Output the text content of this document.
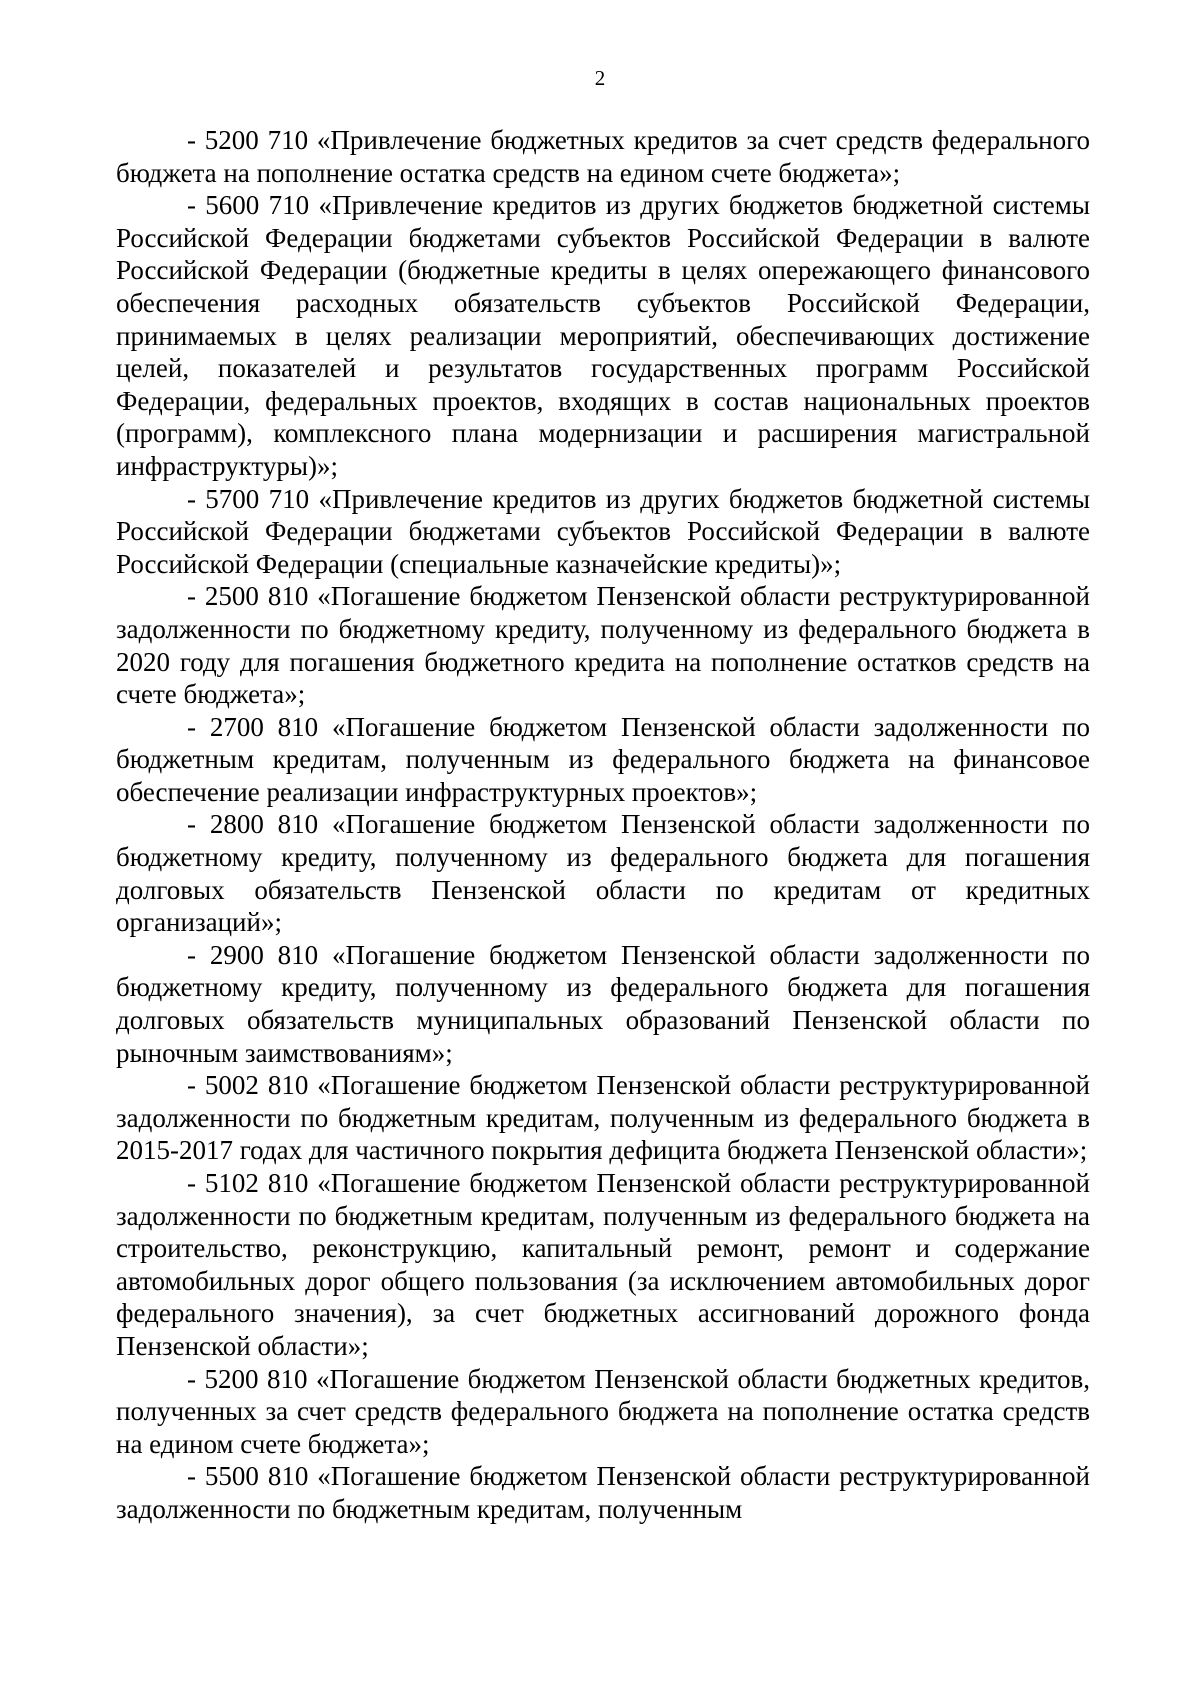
2

- 5200 710 «Привлечение бюджетных кредитов за счет средств федерального бюджета на пополнение остатка средств на едином счете бюджета»;

- 5600 710 «Привлечение кредитов из других бюджетов бюджетной системы Российской Федерации бюджетами субъектов Российской Федерации в валюте Российской Федерации (бюджетные кредиты в целях опережающего финансового обеспечения расходных обязательств субъектов Российской Федерации, принимаемых в целях реализации мероприятий, обеспечивающих достижение целей, показателей и результатов государственных программ Российской Федерации, федеральных проектов, входящих в состав национальных проектов (программ), комплексного плана модернизации и расширения магистральной инфраструктуры)»;

- 5700 710 «Привлечение кредитов из других бюджетов бюджетной системы Российской Федерации бюджетами субъектов Российской Федерации в валюте Российской Федерации (специальные казначейские кредиты)»;

- 2500 810 «Погашение бюджетом Пензенской области реструктурированной задолженности по бюджетному кредиту, полученному из федерального бюджета в 2020 году для погашения бюджетного кредита на пополнение остатков средств на счете бюджета»;

- 2700 810 «Погашение бюджетом Пензенской области задолженности по бюджетным кредитам, полученным из федерального бюджета на финансовое обеспечение реализации инфраструктурных проектов»;

- 2800 810 «Погашение бюджетом Пензенской области задолженности по бюджетному кредиту, полученному из федерального бюджета для погашения долговых обязательств Пензенской области по кредитам от кредитных организаций»;

- 2900 810 «Погашение бюджетом Пензенской области задолженности по бюджетному кредиту, полученному из федерального бюджета для погашения долговых обязательств муниципальных образований Пензенской области по рыночным заимствованиям»;

- 5002 810 «Погашение бюджетом Пензенской области реструктурированной задолженности по бюджетным кредитам, полученным из федерального бюджета в 2015-2017 годах для частичного покрытия дефицита бюджета Пензенской области»;

- 5102 810 «Погашение бюджетом Пензенской области реструктурированной задолженности по бюджетным кредитам, полученным из федерального бюджета на строительство, реконструкцию, капитальный ремонт, ремонт и содержание автомобильных дорог общего пользования (за исключением автомобильных дорог федерального значения), за счет бюджетных ассигнований дорожного фонда Пензенской области»;

- 5200 810 «Погашение бюджетом Пензенской области бюджетных кредитов, полученных за счет средств федерального бюджета на пополнение остатка средств на едином счете бюджета»;

- 5500 810 «Погашение бюджетом Пензенской области реструктурированной задолженности по бюджетным кредитам, полученным
